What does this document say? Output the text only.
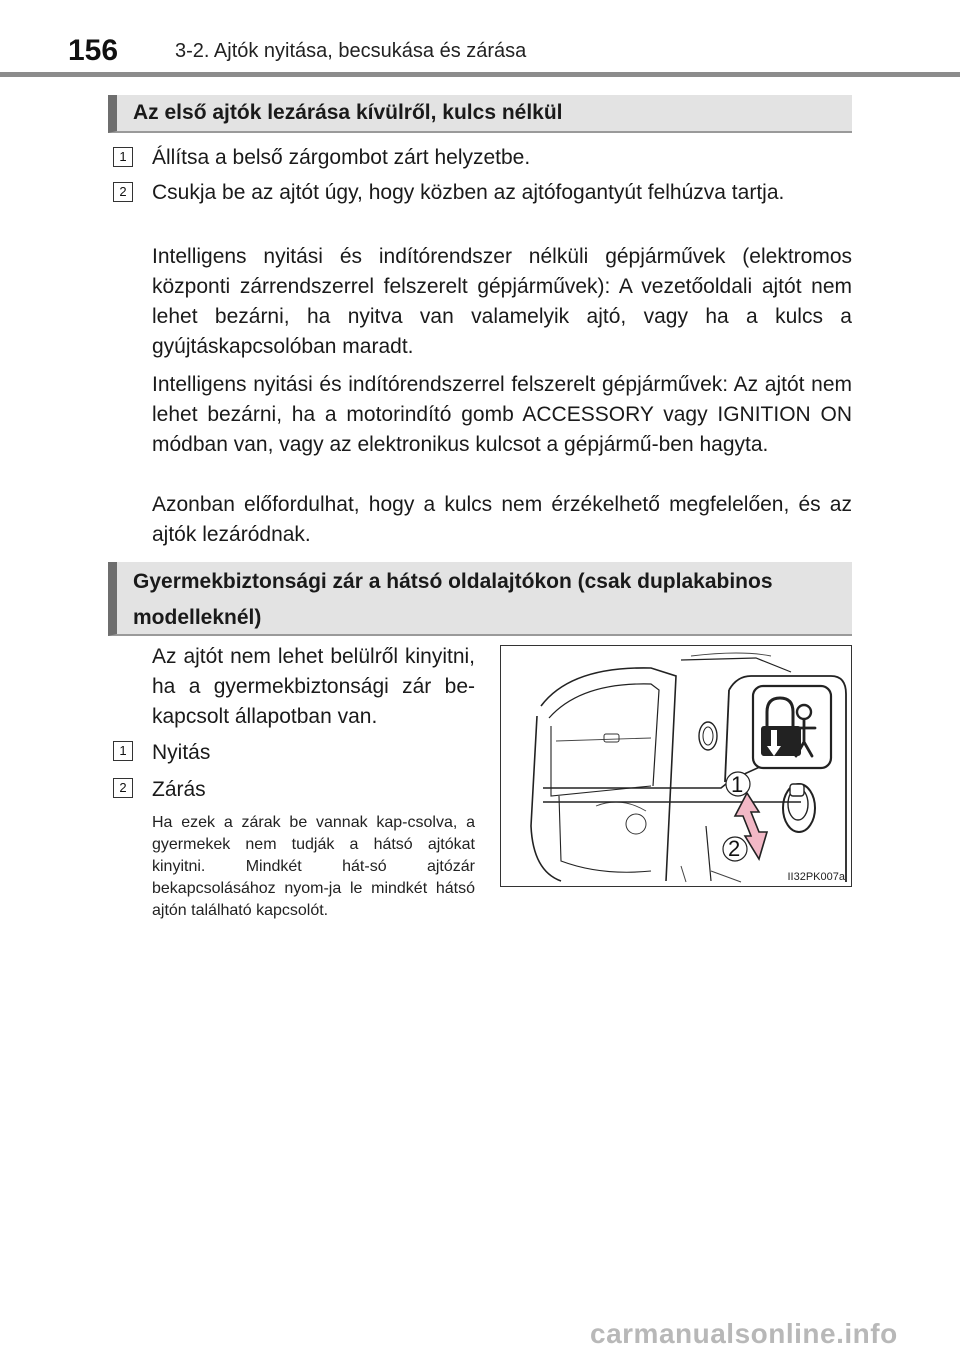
156	3-2. Ajtók nyitása, becsukása és zárása
Az első ajtók lezárása kívülről, kulcs nélkül
1	Állítsa a belső zárgombot zárt helyzetbe.
2	Csukja be az ajtót úgy, hogy közben az ajtófogantyút felhúzva tartja.
Intelligens nyitási és indítórendszer nélküli gépjárművek (elektromos központi zárrendszerrel felszerelt gépjárművek): A vezetőoldali ajtót nem lehet bezárni, ha nyitva van valamelyik ajtó, vagy ha a kulcs a gyújtáskapcsolóban maradt.
Intelligens nyitási és indítórendszerrel felszerelt gépjárművek: Az ajtót nem lehet bezárni, ha a motorindító gomb ACCESSORY vagy IGNITION ON módban van, vagy az elektronikus kulcsot a gépjármű-ben hagyta.
Azonban előfordulhat, hogy a kulcs nem érzékelhető megfelelően, és az ajtók lezáródnak.
Gyermekbiztonsági zár a hátsó oldalajtókon (csak duplakabinos modelleknél)
Az ajtót nem lehet belülről kinyitni, ha a gyermekbiztonsági zár be-kapcsolt állapotban van.
1	Nyitás
2	Zárás
Ha ezek a zárak be vannak kap-csolva, a gyermekek nem tudják a hátsó ajtókat kinyitni. Mindkét hát-só ajtózár bekapcsolásához nyom-ja le mindkét hátsó ajtón található kapcsolót.
1
2
II32PK007a
carmanualsonline.info
